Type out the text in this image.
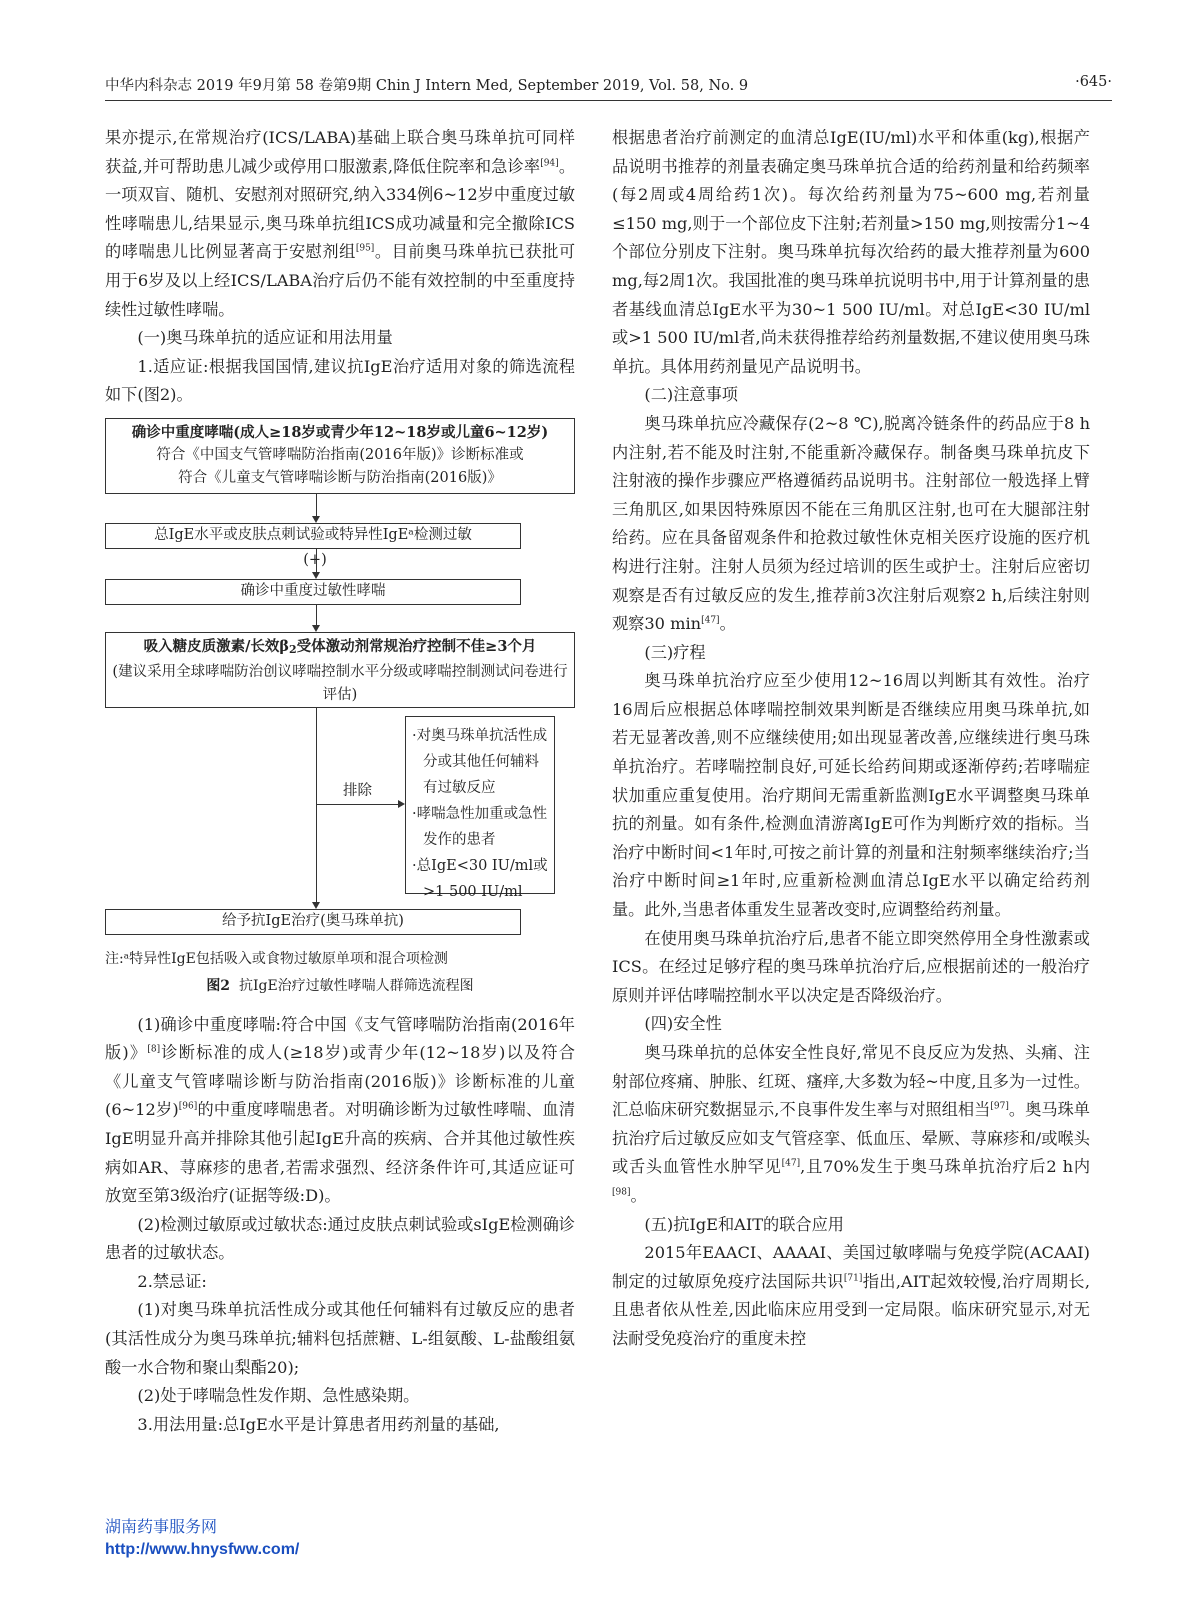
中华内科杂志 2019 年9月第 58 卷第9期 Chin J Intern Med, September 2019, Vol. 58, No. 9	·645·

果亦提示,在常规治疗(ICS/LABA)基础上联合奥马珠单抗可同样获益,并可帮助患儿减少或停用口服激素,降低住院率和急诊率[94]。一项双盲、随机、安慰剂对照研究,纳入334例6~12岁中重度过敏性哮喘患儿,结果显示,奥马珠单抗组ICS成功减量和完全撤除ICS的哮喘患儿比例显著高于安慰剂组[95]。目前奥马珠单抗已获批可用于6岁及以上经ICS/LABA治疗后仍不能有效控制的中至重度持续性过敏性哮喘。

(一)奥马珠单抗的适应证和用法用量

1.适应证:根据我国国情,建议抗IgE治疗适用对象的筛选流程如下(图2)。

确诊中重度哮喘(成人≥18岁或青少年12~18岁或儿童6~12岁)
符合《中国支气管哮喘防治指南(2016年版)》诊断标准或
符合《儿童支气管哮喘诊断与防治指南(2016版)》
总IgE水平或皮肤点刺试验或特异性IgEᵃ检测过敏
(+)
确诊中重度过敏性哮喘
吸入糖皮质激素/长效β2受体激动剂常规治疗控制不佳≥3个月
(建议采用全球哮喘防治创议哮喘控制水平分级或哮喘控制测试问卷进行评估)
排除
·对奥马珠单抗活性成分或其他任何辅料有过敏反应
·哮喘急性加重或急性发作的患者
·总IgE<30 IU/ml或>1 500 IU/ml
给予抗IgE治疗(奥马珠单抗)
注:ᵃ特异性IgE包括吸入或食物过敏原单项和混合项检测
图2 抗IgE治疗过敏性哮喘人群筛选流程图

(1)确诊中重度哮喘:符合中国《支气管哮喘防治指南(2016年版)》[8]诊断标准的成人(≥18岁)或青少年(12~18岁)以及符合《儿童支气管哮喘诊断与防治指南(2016版)》诊断标准的儿童(6~12岁)[96]的中重度哮喘患者。对明确诊断为过敏性哮喘、血清IgE明显升高并排除其他引起IgE升高的疾病、合并其他过敏性疾病如AR、荨麻疹的患者,若需求强烈、经济条件许可,其适应证可放宽至第3级治疗(证据等级:D)。

(2)检测过敏原或过敏状态:通过皮肤点刺试验或sIgE检测确诊患者的过敏状态。

2.禁忌证:

(1)对奥马珠单抗活性成分或其他任何辅料有过敏反应的患者(其活性成分为奥马珠单抗;辅料包括蔗糖、L-组氨酸、L-盐酸组氨酸一水合物和聚山梨酯20);

(2)处于哮喘急性发作期、急性感染期。

3.用法用量:总IgE水平是计算患者用药剂量的基础,

根据患者治疗前测定的血清总IgE(IU/ml)水平和体重(kg),根据产品说明书推荐的剂量表确定奥马珠单抗合适的给药剂量和给药频率(每2周或4周给药1次)。每次给药剂量为75~600 mg,若剂量≤150 mg,则于一个部位皮下注射;若剂量>150 mg,则按需分1~4个部位分别皮下注射。奥马珠单抗每次给药的最大推荐剂量为600 mg,每2周1次。我国批准的奥马珠单抗说明书中,用于计算剂量的患者基线血清总IgE水平为30~1 500 IU/ml。对总IgE<30 IU/ml或>1 500 IU/ml者,尚未获得推荐给药剂量数据,不建议使用奥马珠单抗。具体用药剂量见产品说明书。

(二)注意事项

奥马珠单抗应冷藏保存(2~8 ℃),脱离冷链条件的药品应于8 h内注射,若不能及时注射,不能重新冷藏保存。制备奥马珠单抗皮下注射液的操作步骤应严格遵循药品说明书。注射部位一般选择上臂三角肌区,如果因特殊原因不能在三角肌区注射,也可在大腿部注射给药。应在具备留观条件和抢救过敏性休克相关医疗设施的医疗机构进行注射。注射人员须为经过培训的医生或护士。注射后应密切观察是否有过敏反应的发生,推荐前3次注射后观察2 h,后续注射则观察30 min[47]。

(三)疗程

奥马珠单抗治疗应至少使用12~16周以判断其有效性。治疗16周后应根据总体哮喘控制效果判断是否继续应用奥马珠单抗,如若无显著改善,则不应继续使用;如出现显著改善,应继续进行奥马珠单抗治疗。若哮喘控制良好,可延长给药间期或逐渐停药;若哮喘症状加重应重复使用。治疗期间无需重新监测IgE水平调整奥马珠单抗的剂量。如有条件,检测血清游离IgE可作为判断疗效的指标。当治疗中断时间<1年时,可按之前计算的剂量和注射频率继续治疗;当治疗中断时间≥1年时,应重新检测血清总IgE水平以确定给药剂量。此外,当患者体重发生显著改变时,应调整给药剂量。

在使用奥马珠单抗治疗后,患者不能立即突然停用全身性激素或ICS。在经过足够疗程的奥马珠单抗治疗后,应根据前述的一般治疗原则并评估哮喘控制水平以决定是否降级治疗。

(四)安全性

奥马珠单抗的总体安全性良好,常见不良反应为发热、头痛、注射部位疼痛、肿胀、红斑、瘙痒,大多数为轻~中度,且多为一过性。汇总临床研究数据显示,不良事件发生率与对照组相当[97]。奥马珠单抗治疗后过敏反应如支气管痉挛、低血压、晕厥、荨麻疹和/或喉头或舌头血管性水肿罕见[47],且70%发生于奥马珠单抗治疗后2 h内[98]。

(五)抗IgE和AIT的联合应用

2015年EAACI、AAAAI、美国过敏哮喘与免疫学院(ACAAI)制定的过敏原免疫疗法国际共识[71]指出,AIT起效较慢,治疗周期长,且患者依从性差,因此临床应用受到一定局限。临床研究显示,对无法耐受免疫治疗的重度未控

湖南药事服务网
http://www.hnysfww.com/
